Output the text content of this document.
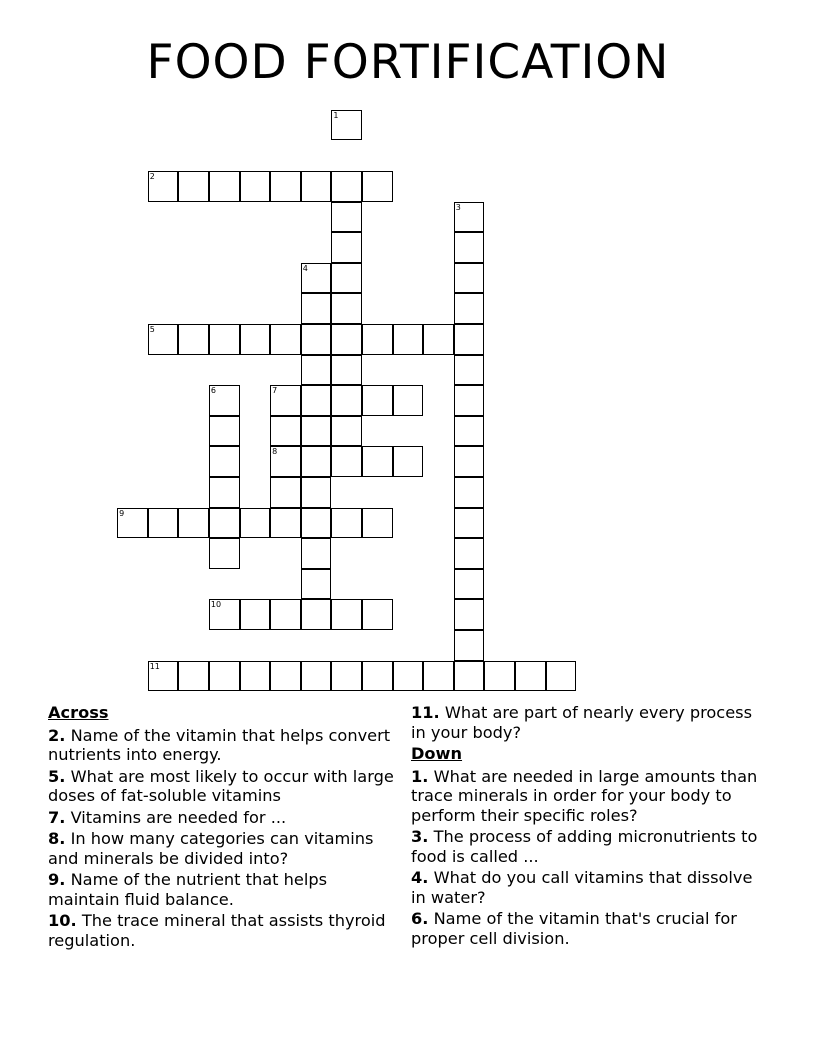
FOOD FORTIFICATION
1
2
3
4
5
6	7
8
9
10
11
Across
2. Name of the vitamin that helps convert nutrients into energy.
5. What are most likely to occur with large doses of fat-soluble vitamins
7. Vitamins are needed for ...
8. In how many categories can vitamins and minerals be divided into?
9. Name of the nutrient that helps maintain fluid balance.
10. The trace mineral that assists thyroid regulation.
11. What are part of nearly every process in your body?
Down
1. What are needed in large amounts than trace minerals in order for your body to perform their specific roles?
3. The process of adding micronutrients to food is called ...
4. What do you call vitamins that dissolve in water?
6. Name of the vitamin that's crucial for proper cell division.
